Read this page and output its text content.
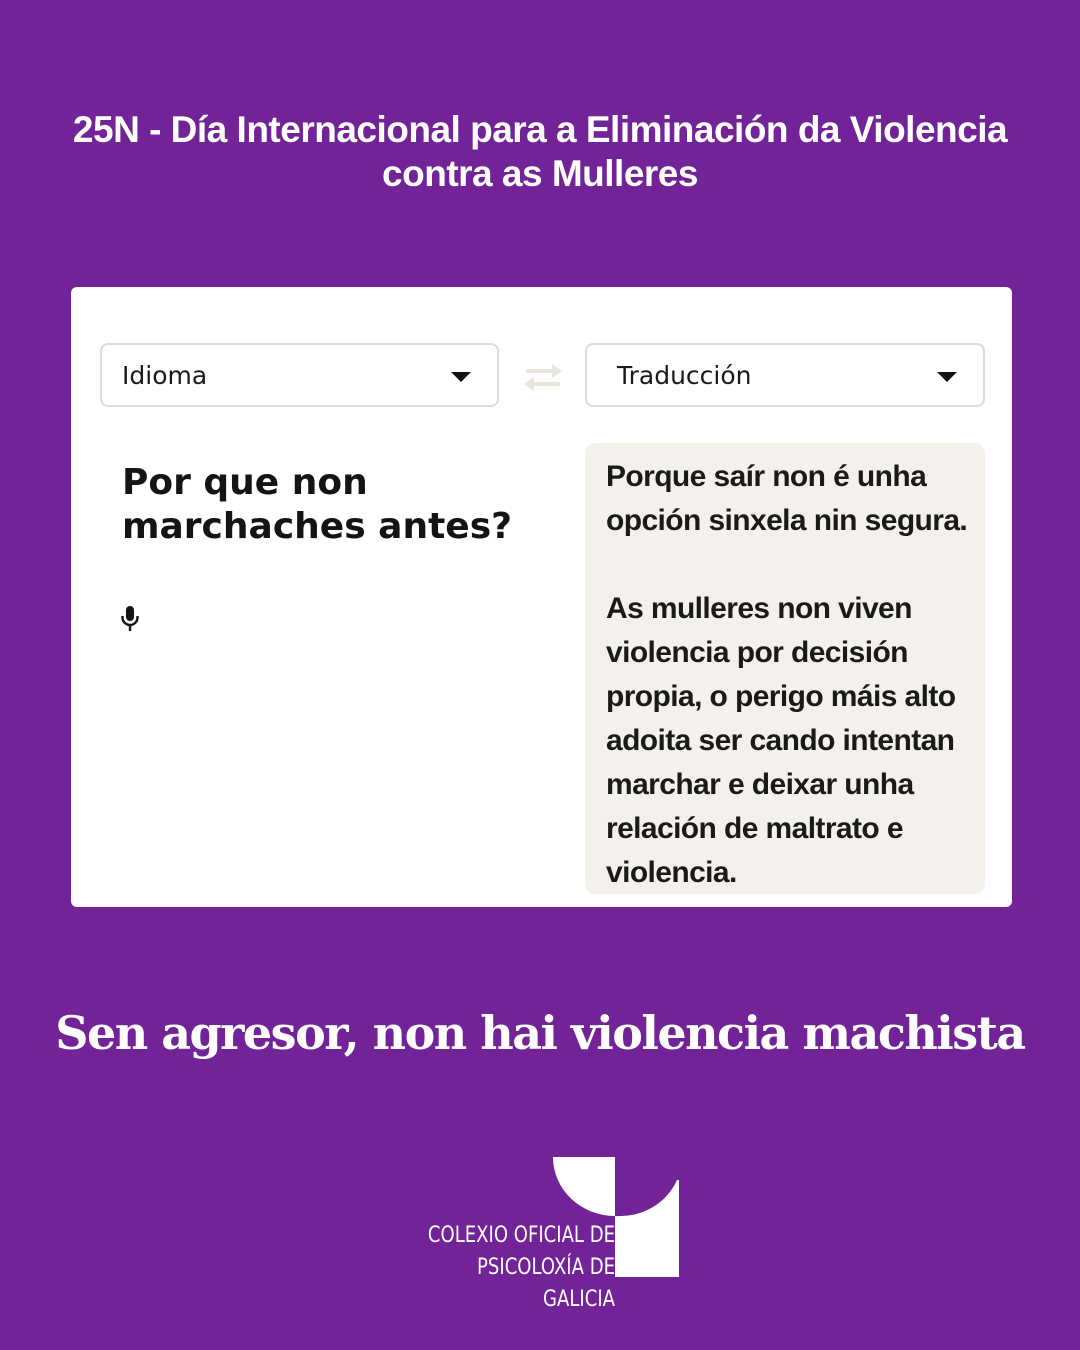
25N - Día Internacional para a Eliminación da Violencia contra as Mulleres
Idioma	Traducción
Por que non marchaches antes?

Porque saír non é unha opción sinxela nin segura.

As mulleres non viven violencia por decisión propia, o perigo máis alto adoita ser cando intentan marchar e deixar unha relación de maltrato e violencia.

Sen agresor, non hai violencia machista
COLEXIO OFICIAL DE
PSICOLOXÍA DE GALICIA
